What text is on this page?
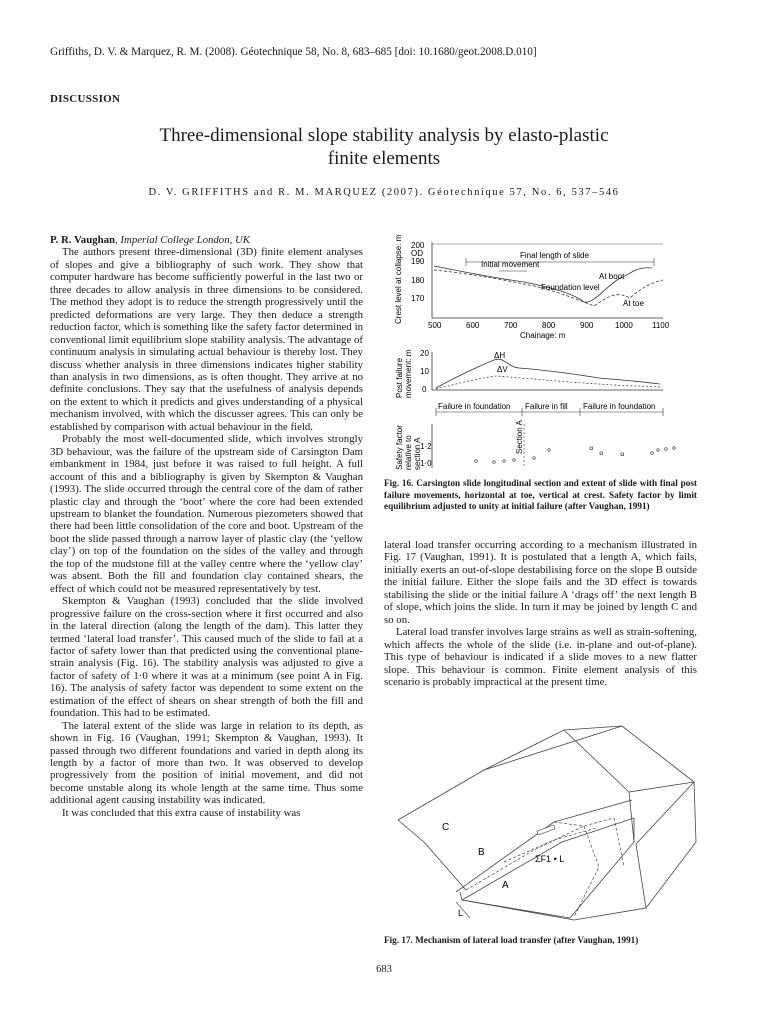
Griffiths, D. V. & Marquez, R. M. (2008). Géotechnique 58, No. 8, 683–685 [doi: 10.1680/geot.2008.D.010]
DISCUSSION
Three-dimensional slope stability analysis by elasto-plastic
finite elements
D. V. GRIFFITHS and R. M. MARQUEZ (2007). Géotechnique 57, No. 6, 537–546

P. R. Vaughan, Imperial College London, UK

The authors present three-dimensional (3D) finite element analyses of slopes and give a bibliography of such work. They show that computer hardware has become sufficiently powerful in the last two or three decades to allow analysis in three dimensions to be considered. The method they adopt is to reduce the strength progressively until the predicted deformations are very large. They then deduce a strength reduction factor, which is something like the safety factor determined in conventional limit equilibrium slope stability analysis. The advantage of continuum analysis in simulating actual behaviour is thereby lost. They discuss whether analysis in three dimensions indicates higher stability than analysis in two dimensions, as is often thought. They arrive at no definite conclusions. They say that the usefulness of analysis depends on the extent to which it predicts and gives understanding of a physical mechanism involved, with which the discusser agrees. This can only be established by comparison with actual behaviour in the field.

Probably the most well-documented slide, which involves strongly 3D behaviour, was the failure of the upstream side of Carsington Dam embankment in 1984, just before it was raised to full height. A full account of this and a bibliography is given by Skempton & Vaughan (1993). The slide occurred through the central core of the dam of rather plastic clay and through the ‘boot’ where the core had been extended upstream to blanket the foundation. Numerous piezometers showed that there had been little consolidation of the core and boot. Upstream of the boot the slide passed through a narrow layer of plastic clay (the ‘yellow clay’) on top of the foundation on the sides of the valley and through the top of the mudstone fill at the valley centre where the ‘yellow clay’ was absent. Both the fill and foundation clay contained shears, the effect of which could not be measured representatively by test.

Skempton & Vaughan (1993) concluded that the slide involved progressive failure on the cross-section where it first occurred and also in the lateral direction (along the length of the dam). This latter they termed ‘lateral load transfer’. This caused much of the slide to fail at a factor of safety lower than that predicted using the conventional plane-strain analysis (Fig. 16). The stability analysis was adjusted to give a factor of safety of 1·0 where it was at a minimum (see point A in Fig. 16). The analysis of safety factor was dependent to some extent on the estimation of the effect of shears on shear strength of both the fill and foundation. This had to be estimated.

The lateral extent of the slide was large in relation to its depth, as shown in Fig. 16 (Vaughan, 1991; Skempton & Vaughan, 1993). It passed through two different foundations and varied in depth along its length by a factor of more than two. It was observed to develop progressively from the position of initial movement, and did not become unstable along its whole length at the same time. Thus some additional agent causing instability was indicated.

It was concluded that this extra cause of instability was

Crest level at collapse: m 200
OD
190
180
170
Final length of slide
Initial movement
At boot
Foundation level
At toe
500	600	700	800	900	1000 1100
Chainage: m
Post failure movement: m 20
10
0
ΔH
ΔV
Failure in foundation Failure in fill Failure in foundation
Safety factor relative to section A
1·2
1·0
Section A
Fig. 16. Carsington slide longitudinal section and extent of slide with final post failure movements, horizontal at toe, vertical at crest. Safety factor by limit equilibrium adjusted to unity at initial failure (after Vaughan, 1991)

lateral load transfer occurring according to a mechanism illustrated in Fig. 17 (Vaughan, 1991). It is postulated that a length A, which fails, initially exerts an out-of-slope destabilising force on the slope B outside the initial failure. Either the slope fails and the 3D effect is towards stabilising the slide or the initial failure A ‘drags off’ the next length B of slope, which joins the slide. In turn it may be joined by length C and so on.

Lateral load transfer involves large strains as well as strain-softening, which affects the whole of the slide (i.e. in-plane and out-of-plane). This type of behaviour is indicated if a slide moves to a new flatter slope. This behaviour is common. Finite element analysis of this scenario is probably impractical at the present time.

C
B
A
ΣF1 • L
L
Fig. 17. Mechanism of lateral load transfer (after Vaughan, 1991)
683
